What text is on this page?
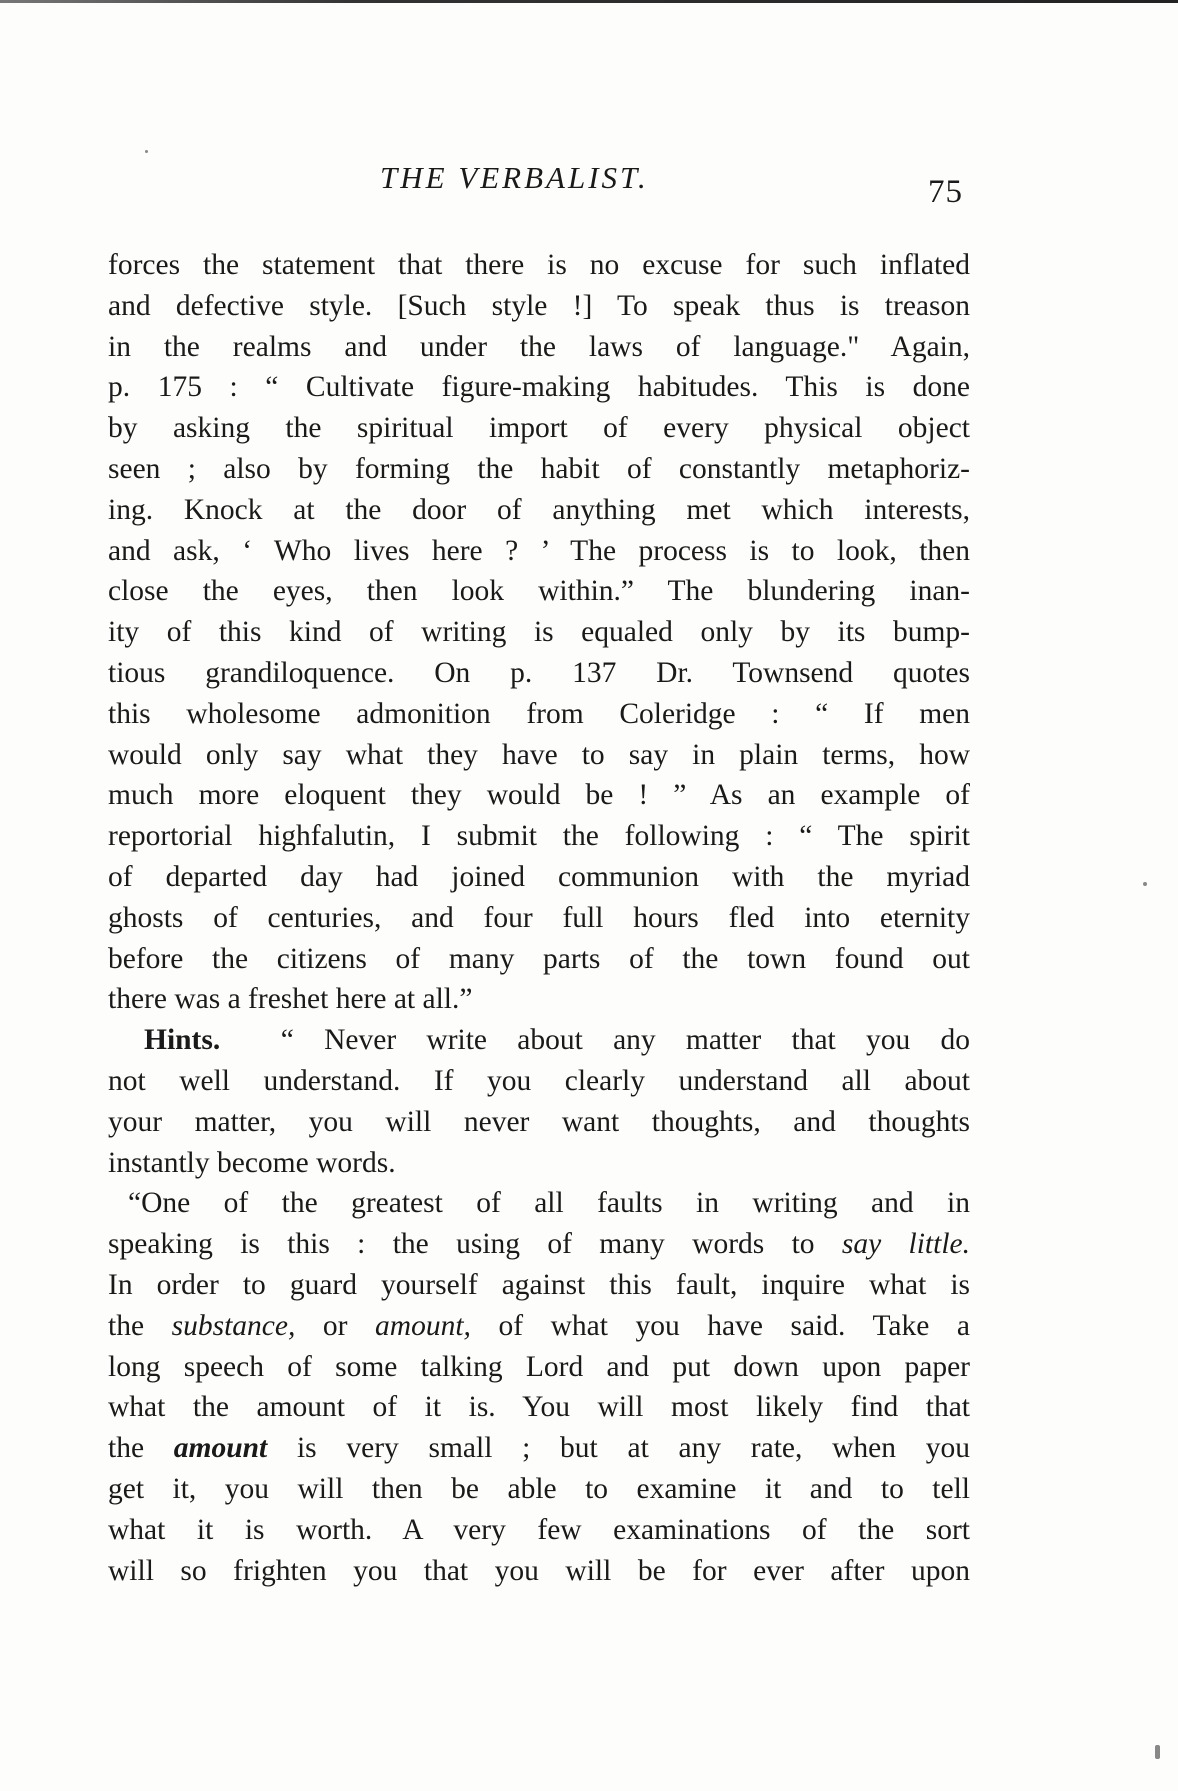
THE VERBALIST.	75
forces the statement that there is no excuse for such inflated
and defective style. [Such style !] To speak thus is treason
in the realms and under the laws of language." Again,
p. 175 : “ Cultivate figure-making habitudes. This is done
by asking the spiritual import of every physical object
seen ; also by forming the habit of constantly metaphoriz-
ing. Knock at the door of anything met which interests,
and ask, ‘ Who lives here ? ’ The process is to look, then
close the eyes, then look within.” The blundering inan-
ity of this kind of writing is equaled only by its bump-
tious grandiloquence. On p. 137 Dr. Townsend quotes
this wholesome admonition from Coleridge : “ If men
would only say what they have to say in plain terms, how
much more eloquent they would be ! ” As an example of
reportorial highfalutin, I submit the following : “ The spirit
of departed day had joined communion with the myriad
ghosts of centuries, and four full hours fled into eternity
before the citizens of many parts of the town found out
there was a freshet here at all.”
Hints. “ Never write about any matter that you do
not well understand. If you clearly understand all about
your matter, you will never want thoughts, and thoughts
instantly become words.
“One of the greatest of all faults in writing and in
speaking is this : the using of many words to say little.
In order to guard yourself against this fault, inquire what is
the substance, or amount, of what you have said. Take a
long speech of some talking Lord and put down upon paper
what the amount of it is. You will most likely find that
the amount is very small ; but at any rate, when you
get it, you will then be able to examine it and to tell
what it is worth. A very few examinations of the sort
will so frighten you that you will be for ever after upon
